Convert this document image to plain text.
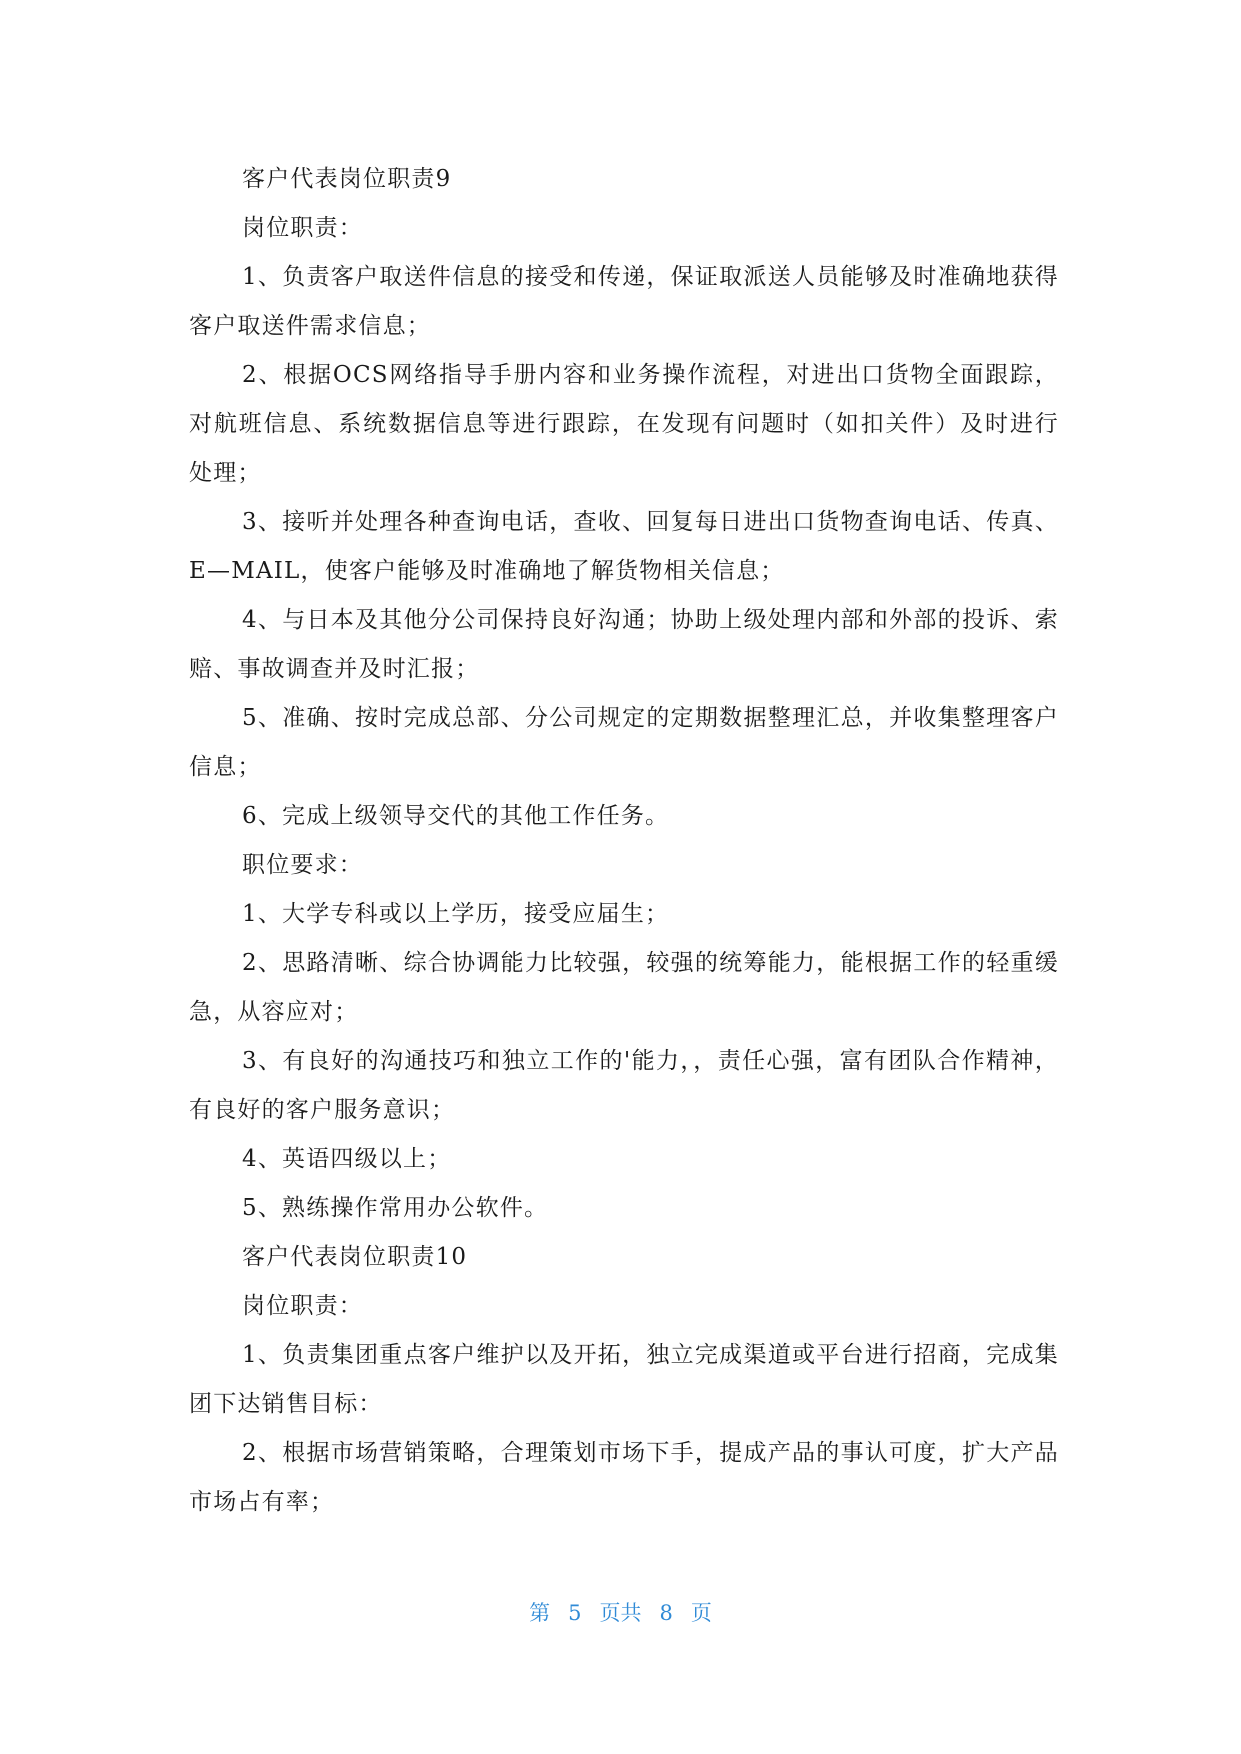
客户代表岗位职责9

岗位职责：

1、负责客户取送件信息的接受和传递，保证取派送人员能够及时准确地获得客户取送件需求信息；

2、根据OCS网络指导手册内容和业务操作流程，对进出口货物全面跟踪，对航班信息、系统数据信息等进行跟踪，在发现有问题时（如扣关件）及时进行处理；

3、接听并处理各种查询电话，查收、回复每日进出口货物查询电话、传真、E—MAIL，使客户能够及时准确地了解货物相关信息；

4、与日本及其他分公司保持良好沟通；协助上级处理内部和外部的投诉、索赔、事故调查并及时汇报；

5、准确、按时完成总部、分公司规定的定期数据整理汇总，并收集整理客户信息；

6、完成上级领导交代的其他工作任务。

职位要求：

1、大学专科或以上学历，接受应届生；

2、思路清晰、综合协调能力比较强，较强的统筹能力，能根据工作的轻重缓急，从容应对；

3、有良好的沟通技巧和独立工作的'能力，，责任心强，富有团队合作精神，有良好的客户服务意识；

4、英语四级以上；

5、熟练操作常用办公软件。

客户代表岗位职责10

岗位职责：

1、负责集团重点客户维护以及开拓，独立完成渠道或平台进行招商，完成集团下达销售目标：

2、根据市场营销策略，合理策划市场下手，提成产品的事认可度，扩大产品市场占有率；

第 5 页共 8 页
